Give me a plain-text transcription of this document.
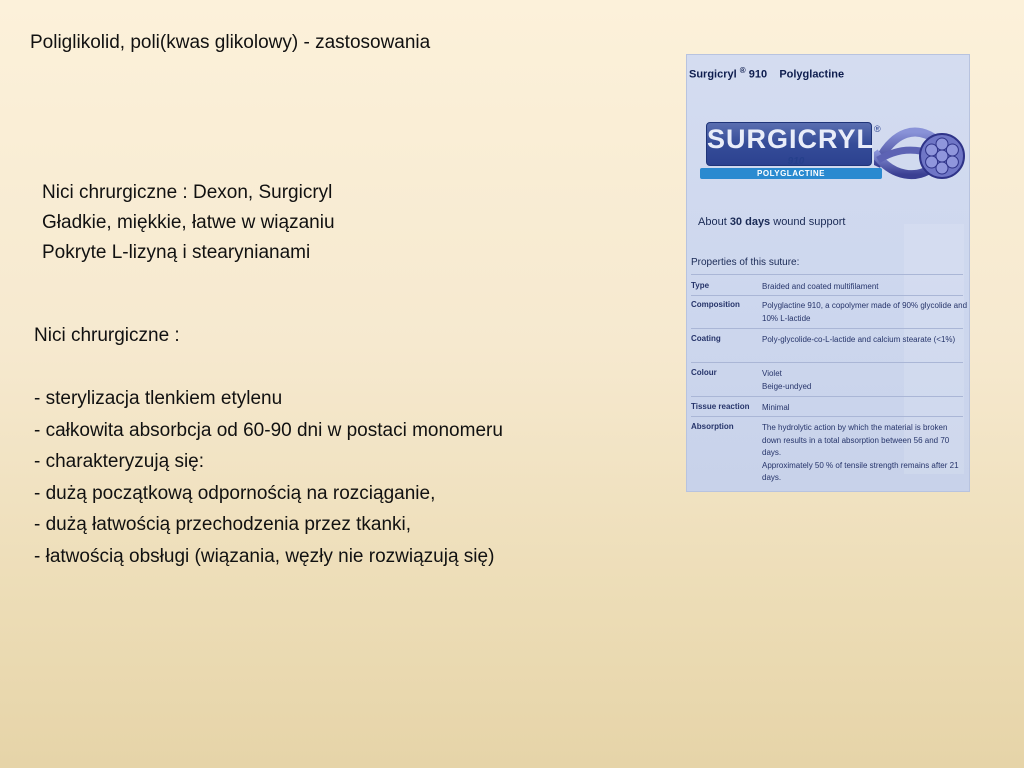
Poliglikolid, poli(kwas glikolowy) - zastosowania
Nici chrurgiczne : Dexon, Surgicryl
Gładkie, miękkie, łatwe w wiązaniu
Pokryte L-lizyną i stearynianami
Nici chrurgiczne :
- sterylizacja tlenkiem etylenu
- całkowita absorbcja od 60-90 dni w postaci monomeru
- charakteryzują się:
- dużą początkową odpornością na rozciąganie,
- dużą łatwością przechodzenia przez tkanki,
- łatwością obsługi (wiązania, węzły nie rozwiązują się)
Surgicryl ® 910 Polyglactine
SURGICRYL ®
910
POLYGLACTINE
About 30 days wound support
Properties of this suture:
Type	Braided and coated multifilament
Composition	Polyglactine 910, a copolymer made of 90% glycolide and 10% L-lactide
Coating	Poly-glycolide-co-L-lactide and calcium stearate (<1%)
Colour	Violet
Beige-undyed
Tissue reaction	Minimal
Absorption	The hydrolytic action by which the material is broken down results in a total absorption between 56 and 70 days.
Approximately 50 % of tensile strength remains after 21 days.
